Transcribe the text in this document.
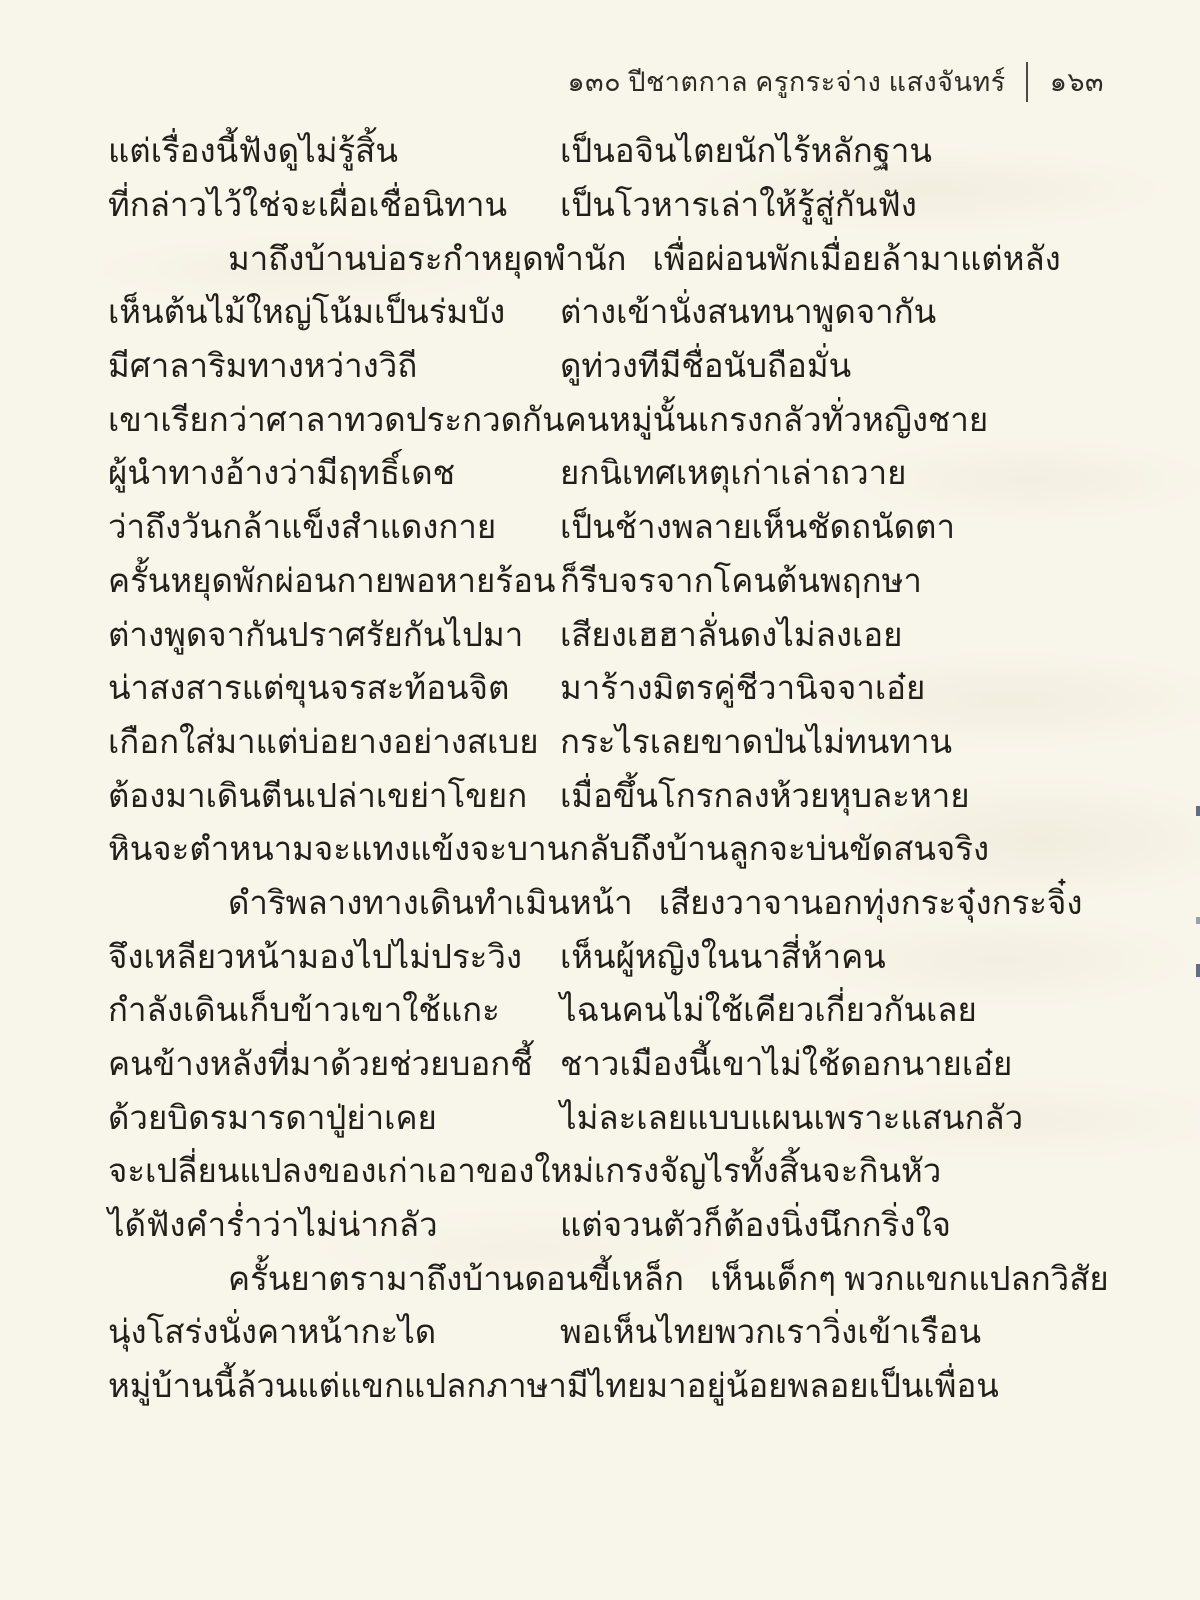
๑๓๐ ปีชาตกาล ครูกระจ่าง แสงจันทร์ ๑๖๓
แต่เรื่องนี้ฟังดูไม่รู้สิ้น	เป็นอจินไตยนักไร้หลักฐาน
ที่กล่าวไว้ใช่จะเผื่อเชื่อนิทาน	เป็นโวหารเล่าให้รู้สู่กันฟัง
มาถึงบ้านบ่อระกำหยุดพำนัก เพื่อผ่อนพักเมื่อยล้ามาแต่หลัง
เห็นต้นไม้ใหญ่โน้มเป็นร่มบัง	ต่างเข้านั่งสนทนาพูดจากัน
มีศาลาริมทางหว่างวิถี	ดูท่วงทีมีชื่อนับถือมั่น
เขาเรียกว่าศาลาทวดประกวดกัน คนหมู่นั้นเกรงกลัวทั่วหญิงชาย
ผู้นำทางอ้างว่ามีฤทธิ์เดช	ยกนิเทศเหตุเก่าเล่าถวาย
ว่าถึงวันกล้าแข็งสำแดงกาย	เป็นช้างพลายเห็นชัดถนัดตา
ครั้นหยุดพักผ่อนกายพอหายร้อน ก็รีบจรจากโคนต้นพฤกษา
ต่างพูดจากันปราศรัยกันไปมา	เสียงเฮฮาลั่นดงไม่ลงเอย
น่าสงสารแต่ขุนจรสะท้อนจิต	มาร้างมิตรคู่ชีวานิจจาเอ๋ย
เกือกใส่มาแต่บ่อยางอย่างสเบย กระไรเลยขาดป่นไม่ทนทาน
ต้องมาเดินตีนเปล่าเขย่าโขยก เมื่อขึ้นโกรกลงห้วยหุบละหาย
หินจะตำหนามจะแทงแข้งจะบาน กลับถึงบ้านลูกจะบ่นขัดสนจริง
ดำริพลางทางเดินทำเมินหน้า เสียงวาจานอกทุ่งกระจุ๋งกระจิ๋ง
จึงเหลียวหน้ามองไปไม่ประวิง	เห็นผู้หญิงในนาสี่ห้าคน
กำลังเดินเก็บข้าวเขาใช้แกะ	ไฉนคนไม่ใช้เคียวเกี่ยวกันเลย
คนข้างหลังที่มาด้วยช่วยบอกชี้ ชาวเมืองนี้เขาไม่ใช้ดอกนายเอ๋ย
ด้วยบิดรมารดาปู่ย่าเคย	ไม่ละเลยแบบแผนเพราะแสนกลัว
จะเปลี่ยนแปลงของเก่าเอาของใหม่ เกรงจัญไรทั้งสิ้นจะกินหัว
ได้ฟังคำร่ำว่าไม่น่ากลัว	แต่จวนตัวก็ต้องนิ่งนึกกริ่งใจ
ครั้นยาตรามาถึงบ้านดอนขี้เหล็ก เห็นเด็กๆ พวกแขกแปลกวิสัย
นุ่งโสร่งนั่งคาหน้ากะได	พอเห็นไทยพวกเราวิ่งเข้าเรือน
หมู่บ้านนี้ล้วนแต่แขกแปลกภาษา มีไทยมาอยู่น้อยพลอยเป็นเพื่อน
